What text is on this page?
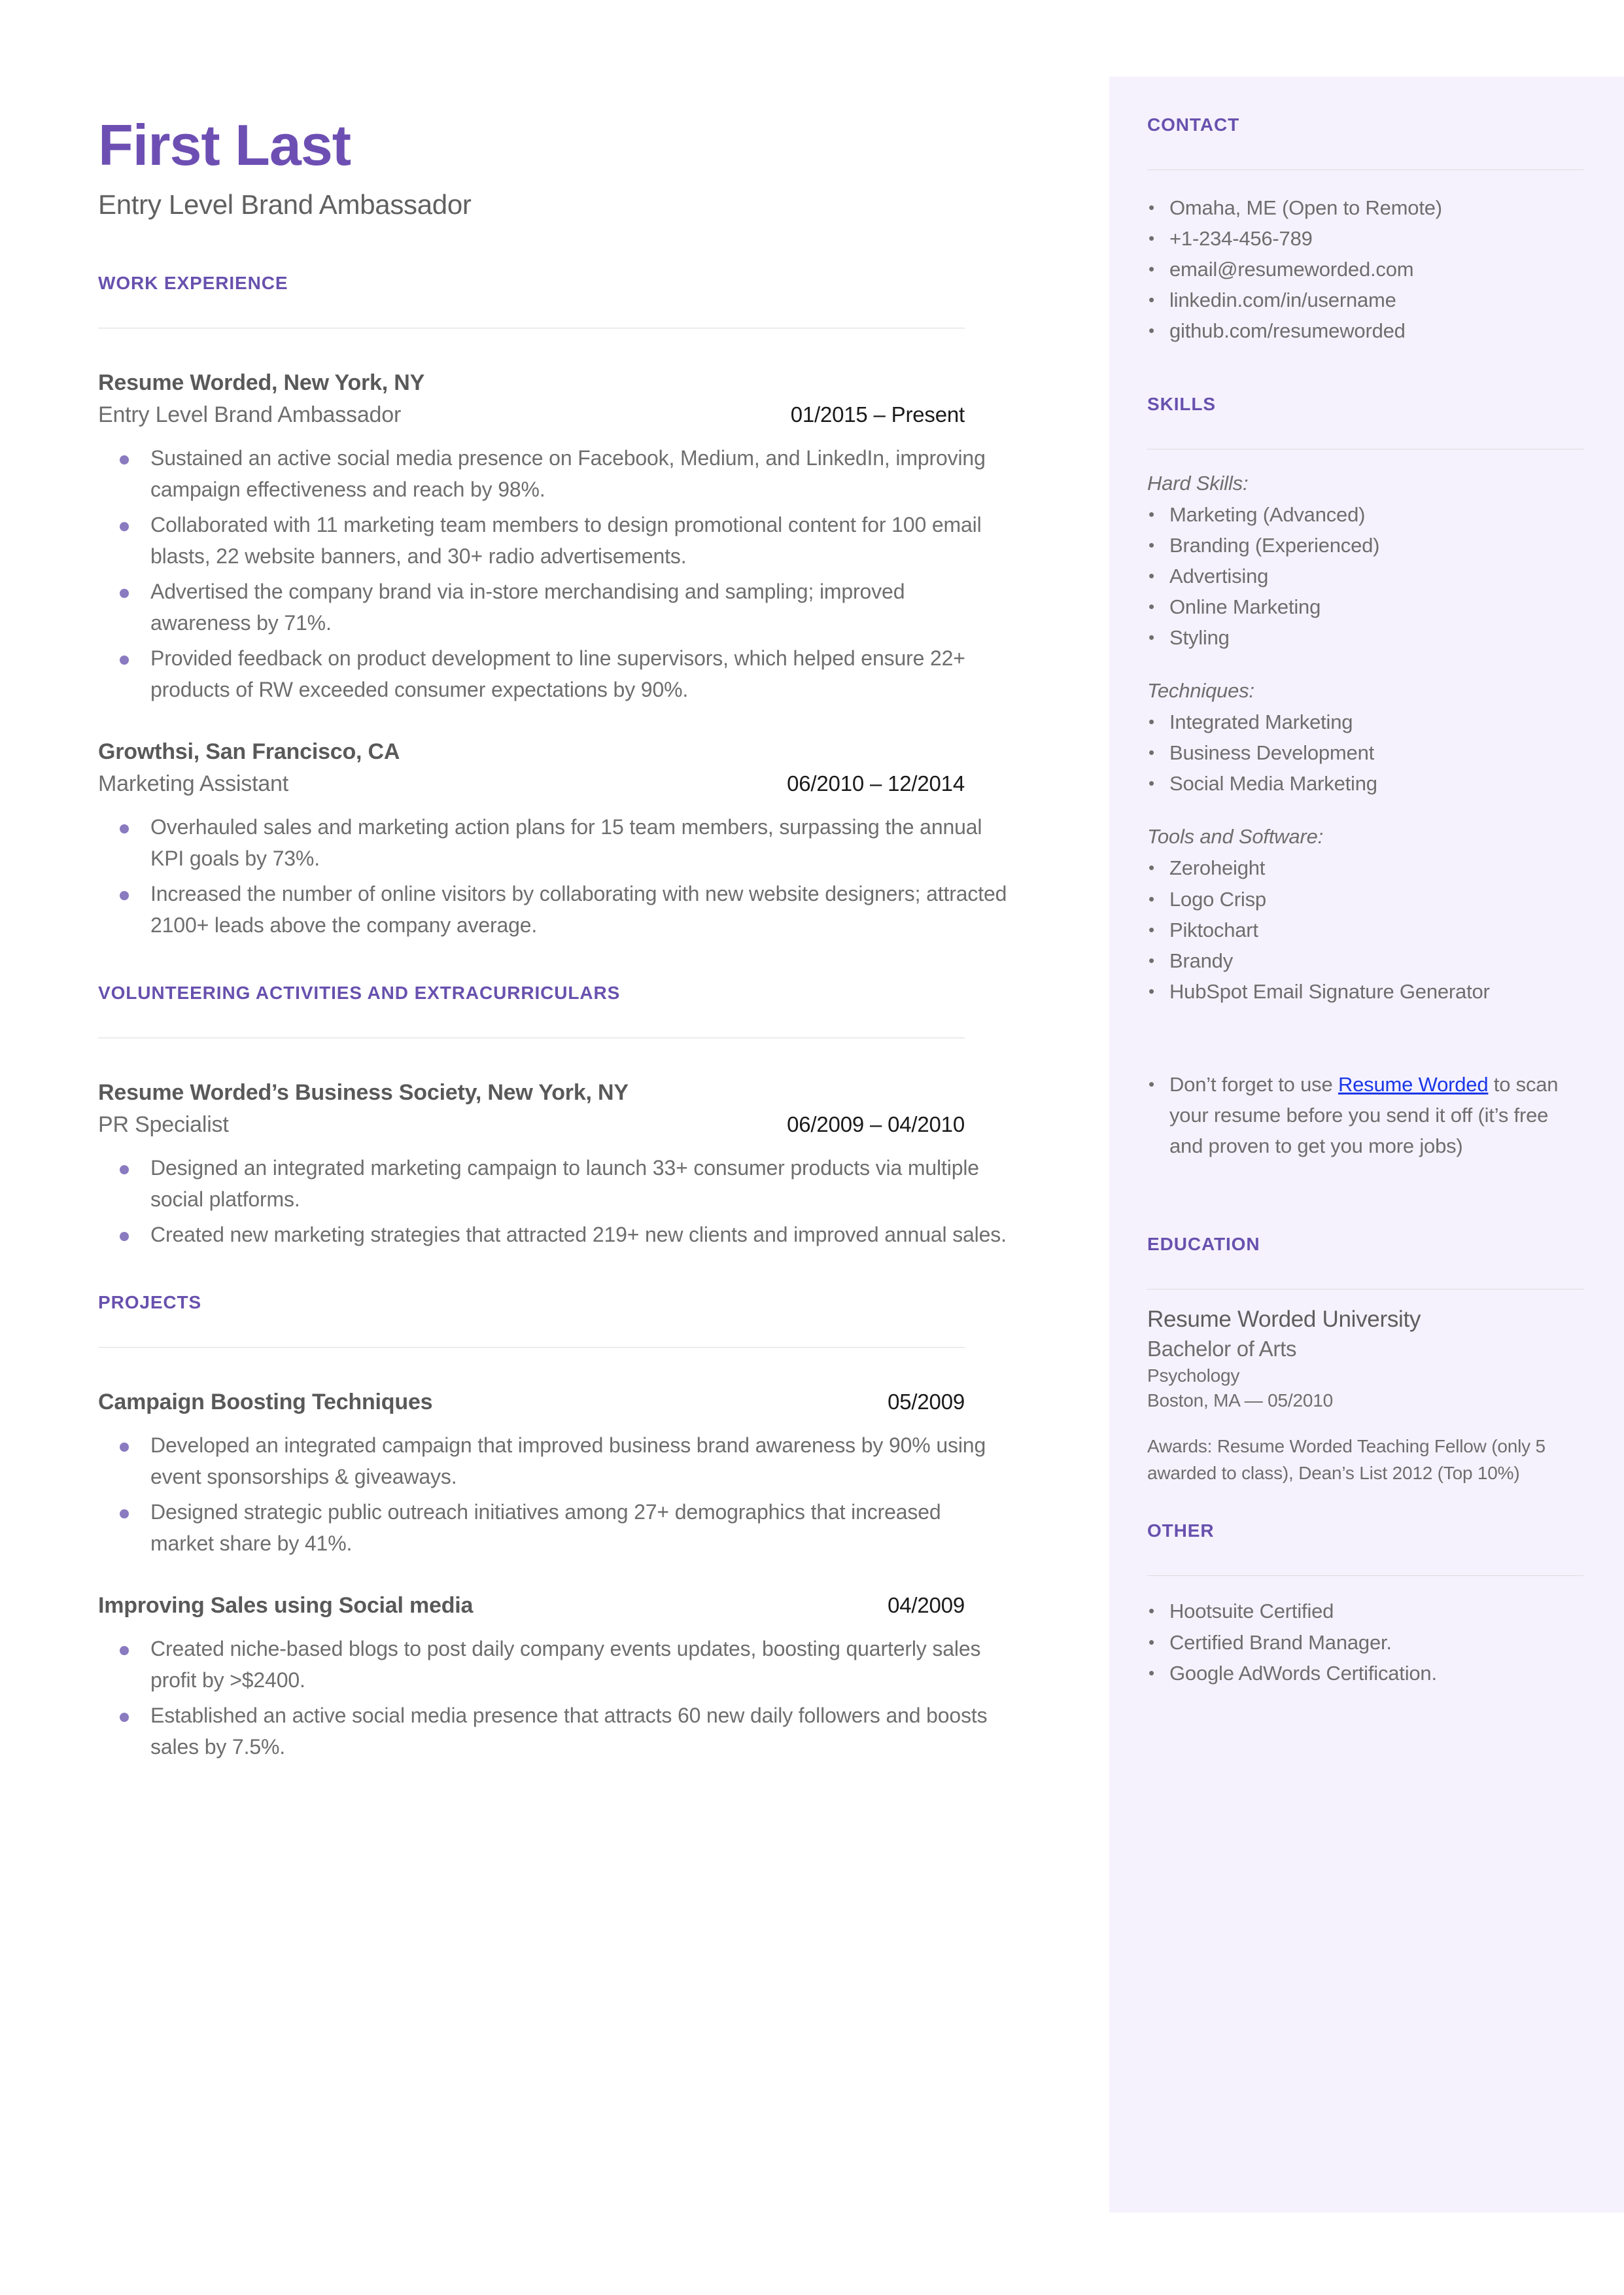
CONTACT
• Omaha, ME (Open to Remote)
• +1-234-456-789
• email@resumeworded.com
• linkedin.com/in/username
• github.com/resumeworded
SKILLS

Hard Skills:

• Marketing (Advanced)
• Branding (Experienced)
• Advertising
• Online Marketing
• Styling

Techniques:

• Integrated Marketing
• Business Development
• Social Media Marketing

Tools and Software:

• Zeroheight
• Logo Crisp
• Piktochart
• Brandy
• HubSpot Email Signature Generator

• Don’t forget to use Resume Worded to scan your resume before you send it off (it’s free and proven to get you more jobs)

EDUCATION

Resume Worded University

Bachelor of Arts

Psychology

Boston, MA — 05/2010

Awards: Resume Worded Teaching Fellow (only 5 awarded to class), Dean’s List 2012 (Top 10%)

OTHER
• Hootsuite Certified
• Certified Brand Manager.
• Google AdWords Certification.
First Last

Entry Level Brand Ambassador

WORK EXPERIENCE

Resume Worded, New York, NY

Entry Level Brand Ambassador	01/2015 – Present
Sustained an active social media presence on Facebook, Medium, and LinkedIn, improving campaign effectiveness and reach by 98%.
Collaborated with 11 marketing team members to design promotional content for 100 email blasts, 22 website banners, and 30+ radio advertisements.
Advertised the company brand via in-store merchandising and sampling; improved awareness by 71%.
Provided feedback on product development to line supervisors, which helped ensure 22+ products of RW exceeded consumer expectations by 90%.

Growthsi, San Francisco, CA

Marketing Assistant	06/2010 – 12/2014
Overhauled sales and marketing action plans for 15 team members, surpassing the annual KPI goals by 73%.
Increased the number of online visitors by collaborating with new website designers; attracted 2100+ leads above the company average.
VOLUNTEERING ACTIVITIES AND EXTRACURRICULARS

Resume Worded’s Business Society, New York, NY

PR Specialist	06/2009 – 04/2010
Designed an integrated marketing campaign to launch 33+ consumer products via multiple social platforms.
Created new marketing strategies that attracted 219+ new clients and improved annual sales.
PROJECTS
Campaign Boosting Techniques	05/2009
Developed an integrated campaign that improved business brand awareness by 90% using event sponsorships & giveaways.
Designed strategic public outreach initiatives among 27+ demographics that increased market share by 41%.
Improving Sales using Social media	04/2009
Created niche-based blogs to post daily company events updates, boosting quarterly sales profit by >$2400.
Established an active social media presence that attracts 60 new daily followers and boosts sales by 7.5%.
